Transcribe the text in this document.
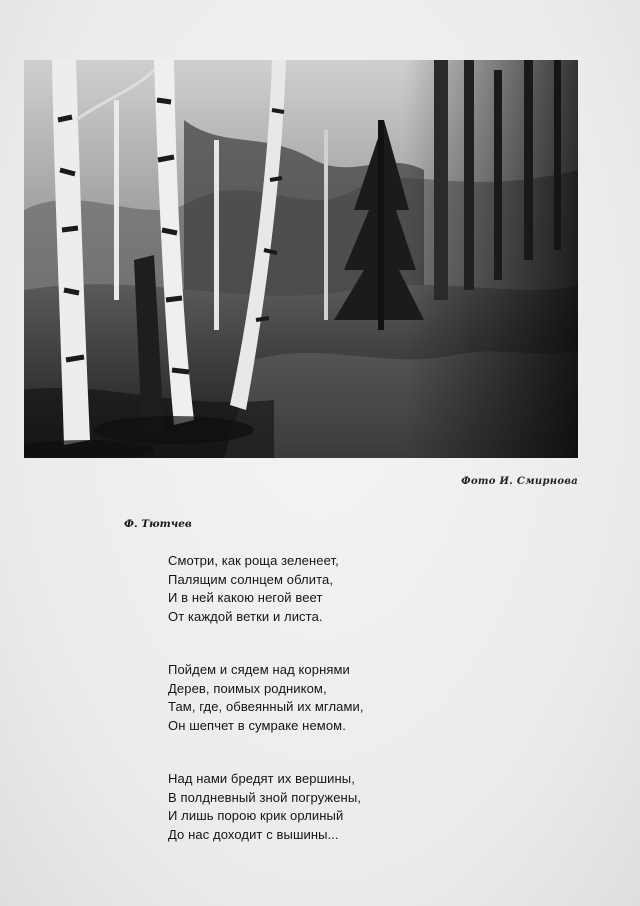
Фото И. Смирнова
Ф. Тютчев
Смотри, как роща зеленеет,
Палящим солнцем облита,
И в ней какою негой веет
От каждой ветки и листа.
Пойдем и сядем над корнями
Дерев, поимых родником,
Там, где, обвеянный их мглами,
Он шепчет в сумраке немом.
Над нами бредят их вершины,
В полдневный зной погружены,
И лишь порою крик орлиный
До нас доходит с вышины...
